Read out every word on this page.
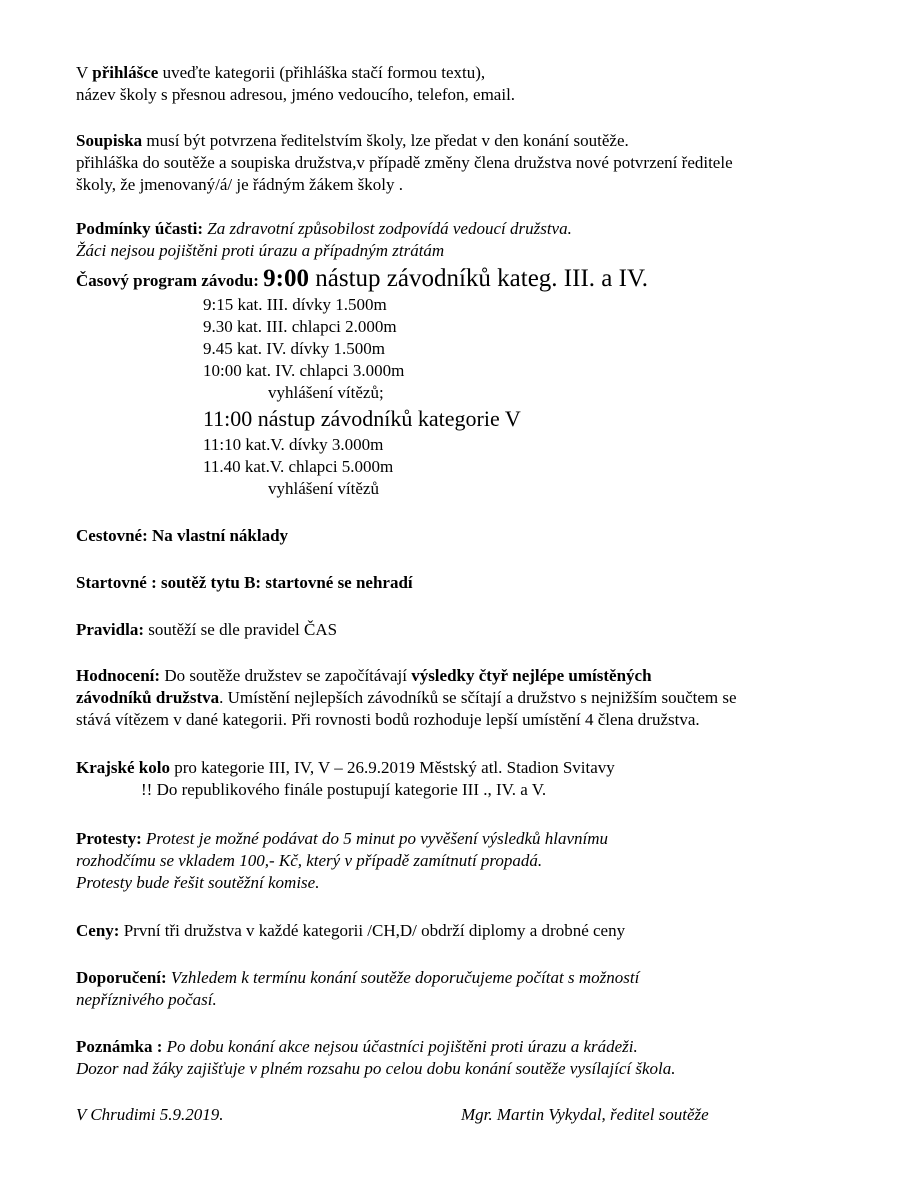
V přihlášce uveďte kategorii (přihláška stačí formou textu),
název školy s přesnou adresou, jméno vedoucího, telefon, email.
Soupiska musí být potvrzena ředitelstvím školy, lze předat v den konání soutěže.
přihláška do soutěže a soupiska družstva,v případě změny člena družstva nové potvrzení ředitele
školy, že jmenovaný/á/ je řádným žákem školy .
Podmínky účasti: Za zdravotní způsobilost zodpovídá vedoucí družstva.
Žáci nejsou pojištěni proti úrazu a případným ztrátám
Časový program závodu: 9:00 nástup závodníků kateg. III. a IV.
9:15 kat. III. dívky 1.500m
9.30 kat. III. chlapci 2.000m
9.45 kat. IV. dívky 1.500m
10:00 kat. IV. chlapci 3.000m
vyhlášení vítězů;
11:00 nástup závodníků kategorie V
11:10 kat.V. dívky 3.000m
11.40 kat.V. chlapci 5.000m
vyhlášení vítězů
Cestovné: Na vlastní náklady
Startovné : soutěž tytu B: startovné se nehradí
Pravidla: soutěží se dle pravidel ČAS
Hodnocení: Do soutěže družstev se započítávají výsledky čtyř nejlépe umístěných
závodníků družstva. Umístění nejlepších závodníků se sčítají a družstvo s nejnižším součtem se
stává vítězem v dané kategorii. Při rovnosti bodů rozhoduje lepší umístění 4 člena družstva.
Krajské kolo pro kategorie III, IV, V – 26.9.2019 Městský atl. Stadion Svitavy
!! Do republikového finále postupují kategorie III ., IV. a V.
Protesty: Protest je možné podávat do 5 minut po vyvěšení výsledků hlavnímu
rozhodčímu se vkladem 100,- Kč, který v případě zamítnutí propadá.
Protesty bude řešit soutěžní komise.
Ceny: První tři družstva v každé kategorii /CH,D/ obdrží diplomy a drobné ceny
Doporučení: Vzhledem k termínu konání soutěže doporučujeme počítat s možností
nepříznivého počasí.
Poznámka : Po dobu konání akce nejsou účastníci pojištěni proti úrazu a krádeži.
Dozor nad žáky zajišťuje v plném rozsahu po celou dobu konání soutěže vysílající škola.
V Chrudimi 5.9.2019.	Mgr. Martin Vykydal, ředitel soutěže
